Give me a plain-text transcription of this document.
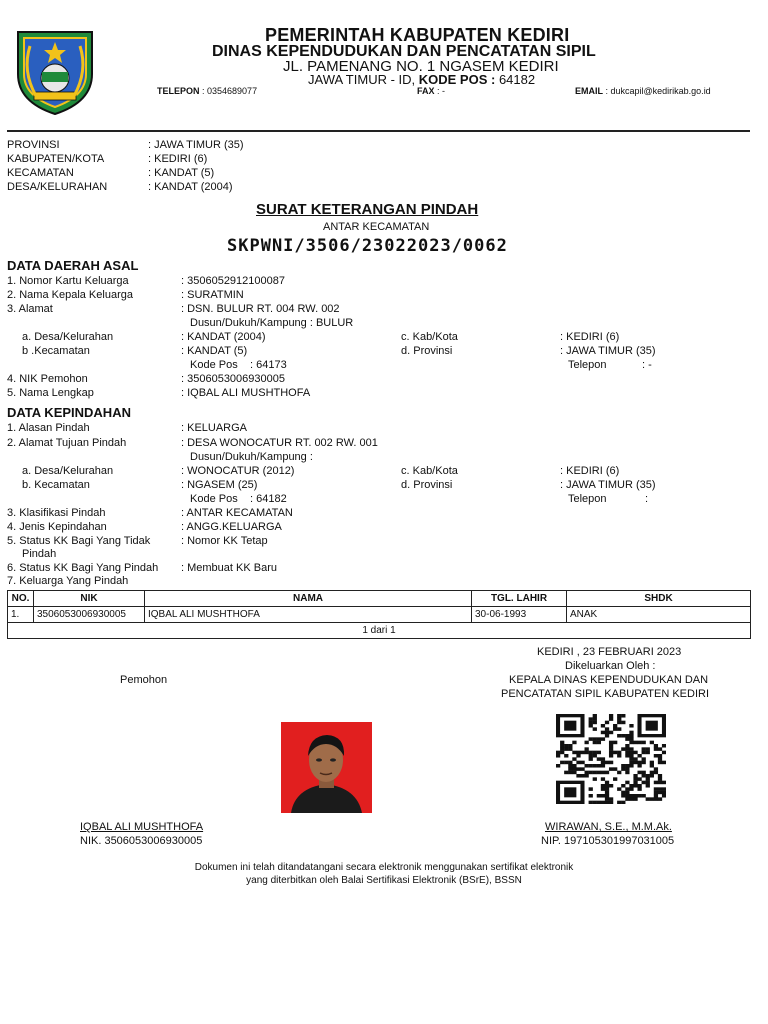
PEMERINTAH KABUPATEN KEDIRI
DINAS KEPENDUDUKAN DAN PENCATATAN SIPIL
JL. PAMENANG NO. 1 NGASEM KEDIRI
JAWA TIMUR - ID, KODE POS : 64182
TELEPON : 0354689077	FAX : -	EMAIL : dukcapil@kedirikab.go.id
PROVINSI	: JAWA TIMUR (35)
KABUPATEN/KOTA	: KEDIRI (6)
KECAMATAN	: KANDAT (5)
DESA/KELURAHAN	: KANDAT (2004)
SURAT KETERANGAN PINDAH
ANTAR KECAMATAN
SKPWNI/3506/23022023/0062
DATA DAERAH ASAL
1. Nomor Kartu Keluarga	: 3506052912100087
2. Nama Kepala Keluarga	: SURATMIN
3. Alamat	: DSN. BULUR RT. 004 RW. 002
Dusun/Dukuh/Kampung : BULUR
a. Desa/Kelurahan	: KANDAT (2004)	c. Kab/Kota	: KEDIRI (6)
b .Kecamatan	: KANDAT (5)	d. Provinsi	: JAWA TIMUR (35)
Kode Pos : 64173	Telepon	: -
4. NIK Pemohon	: 3506053006930005
5. Nama Lengkap	: IQBAL ALI MUSHTHOFA
DATA KEPINDAHAN
1. Alasan Pindah	: KELUARGA
2. Alamat Tujuan Pindah	: DESA WONOCATUR RT. 002 RW. 001
Dusun/Dukuh/Kampung :
a. Desa/Kelurahan	: WONOCATUR (2012)	c. Kab/Kota	: KEDIRI (6)
b. Kecamatan	: NGASEM (25)	d. Provinsi	: JAWA TIMUR (35)
Kode Pos : 64182	Telepon	:
3. Klasifikasi Pindah	: ANTAR KECAMATAN
4. Jenis Kepindahan	: ANGG.KELUARGA
5. Status KK Bagi Yang Tidak
Pindah
: Nomor KK Tetap
6. Status KK Bagi Yang Pindah : Membuat KK Baru
7. Keluarga Yang Pindah
NO.	NIK	NAMA	TGL. LAHIR	SHDK
1.	3506053006930005	IQBAL ALI MUSHTHOFA	30-06-1993	ANAK
1 dari 1				
KEDIRI , 23 FEBRUARI 2023
Dikeluarkan Oleh :
Pemohon	KEPALA DINAS KEPENDUDUKAN DAN
PENCATATAN SIPIL KABUPATEN KEDIRI
IQBAL ALI MUSHTHOFA
NIK. 3506053006930005
WIRAWAN, S.E., M.M.Ak.
NIP. 197105301997031005
Dokumen ini telah ditandatangani secara elektronik menggunakan sertifikat elektronik
yang diterbitkan oleh Balai Sertifikasi Elektronik (BSrE), BSSN
